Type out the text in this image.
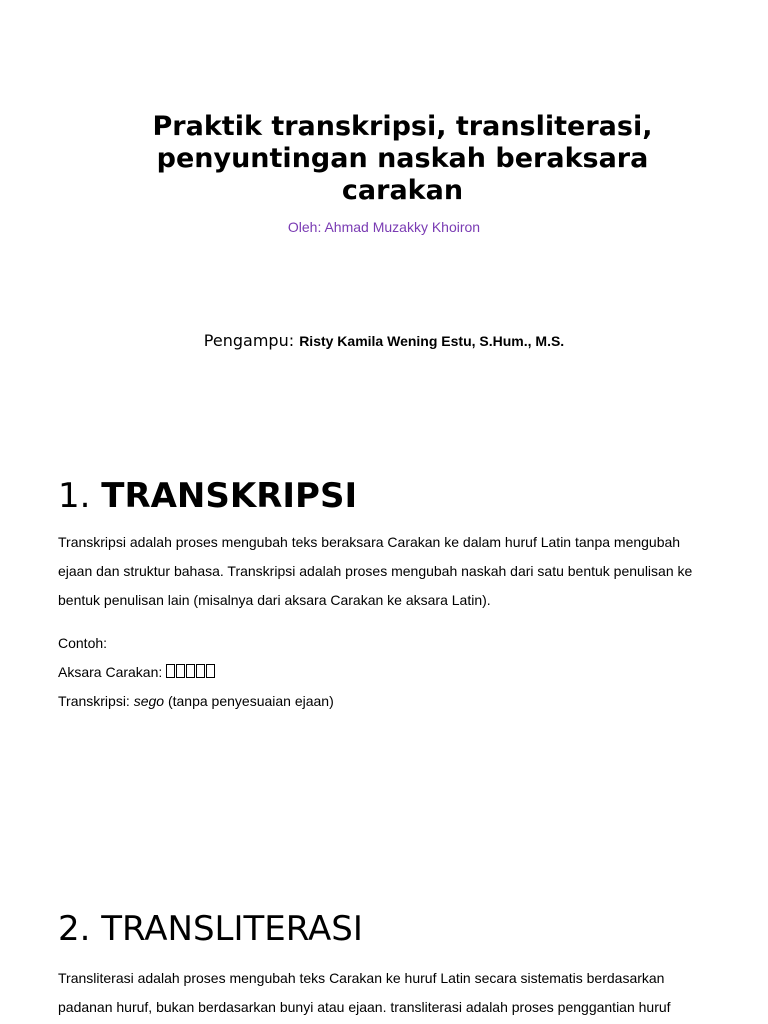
Praktik transkripsi, transliterasi, penyuntingan naskah beraksara carakan
Oleh: Ahmad Muzakky Khoiron
Pengampu: Risty Kamila Wening Estu, S.Hum., M.S.
1. TRANSKRIPSI

Transkripsi adalah proses mengubah teks beraksara Carakan ke dalam huruf Latin tanpa mengubah ejaan dan struktur bahasa. Transkripsi adalah proses mengubah naskah dari satu bentuk penulisan ke bentuk penulisan lain (misalnya dari aksara Carakan ke aksara Latin).

Contoh:
Aksara Carakan:
Transkripsi: sego (tanpa penyesuaian ejaan)
2. TRANSLITERASI

Transliterasi adalah proses mengubah teks Carakan ke huruf Latin secara sistematis berdasarkan padanan huruf, bukan berdasarkan bunyi atau ejaan. transliterasi adalah proses penggantian huruf
